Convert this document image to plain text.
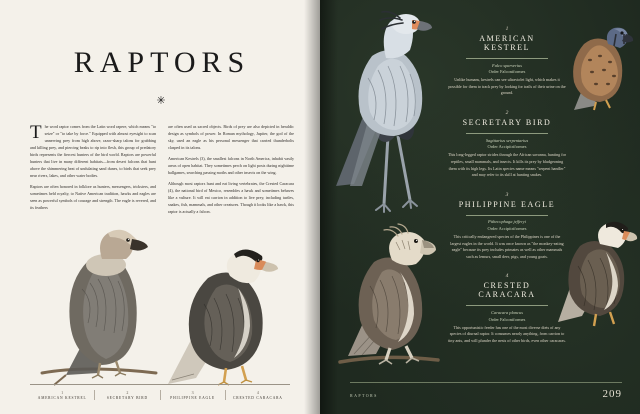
RAPTORS
✳

The word raptor comes from the Latin word rapere, which means "to seize" or "to take by force." Equipped with almost eyesight to scan unnerving prey from high above, razor-sharp talons for grabbing and killing prey, and piercing beaks to rip into flesh, this group of predatory birds represents the fiercest hunters of the bird world. Raptors are powerful hunters that live in many different habitats—from desert falcons that hunt above the shimmering heat of undulating sand dunes, to birds that seek prey near rivers, lakes, and other water bodies.

Raptors are often honored in folklore as hunters, messengers, tricksters, and sometimes held royalty, to Native American tradition, hawks and eagles are seen as powerful symbols of courage and strength. The eagle is revered, and its feathers

are often used as sacred objects. Birds of prey are also depicted in heraldic design as symbols of power. In Roman mythology, Jupiter, the god of the sky, used an eagle as his personal messenger that carried thunderbolts clasped in its talons.

American Kestrels (3), the smallest falcons in North America, inhabit vastly areas of open habitat. They sometimes perch on light posts during nighttime ballgames, searching passing moths and other insects on the wing.

Although most raptors hunt and eat living vertebrates, the Crested Caracara (4), the national bird of Mexico, resembles a hawk and sometimes behaves like a vulture. It will eat carrion in addition to live prey, including turtles, snakes, fish, mammals, and other creatures. Though it looks like a hawk, this raptor is actually a falcon.

1
AMERICAN KESTREL
2
SECRETARY BIRD
3
PHILIPPINE EAGLE
4
CRESTED CARACARA
1
AMERICAN KESTREL
Falco sparverius
Order Falconiformes
Unlike humans, kestrels can see ultraviolet light, which makes it possible for them to track prey by looking for trails of their urine on the ground.
2
SECRETARY BIRD
Sagittarius serpentarius
Order Accipitriformes
This long-legged raptor strides through the African savanna, hunting for reptiles, small mammals, and insects. It kills its prey by bludgeoning them with its high legs. Its Latin species name means "serpent handler" and may refer to its skill at hunting snakes.
3
PHILIPPINE EAGLE
Pithecophaga jefferyi
Order Accipitriformes
This critically endangered species of the Philippines is one of the largest eagles in the world. It was once known as "the monkey-eating eagle" because its prey includes primates as well as other mammals such as lemurs, small deer, pigs, and young goats.
4
CRESTED CARACARA
Caracara plancus
Order Falconiformes
This opportunistic feeder has one of the most diverse diets of any species of diurnal raptor. It consumes nearly anything, from carrion to tiny ants, and will plunder the nests of other birds, even other caracaras.
RAPTORS	209
